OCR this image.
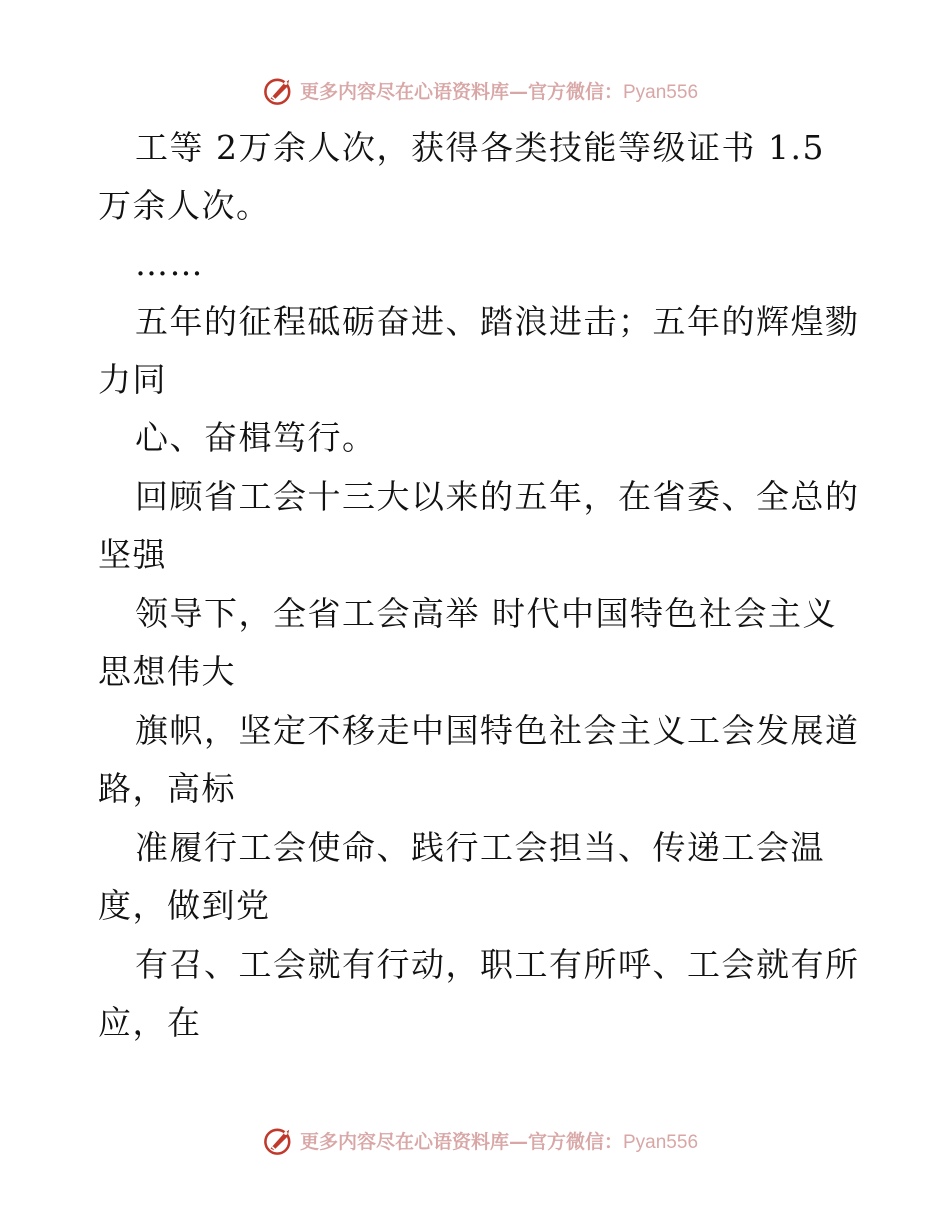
更多内容尽在心语资料库—官方微信：Pyan556
工等 2万余人次，获得各类技能等级证书 1.5
万余人次。
……
五年的征程砥砺奋进、踏浪进击；五年的辉煌勠
力同
心、奋楫笃行。
回顾省工会十三大以来的五年，在省委、全总的
坚强
领导下，全省工会高举 时代中国特色社会主义
思想伟大
旗帜，坚定不移走中国特色社会主义工会发展道
路，高标
准履行工会使命、践行工会担当、传递工会温
度，做到党
有召、工会就有行动，职工有所呼、工会就有所
应，在
更多内容尽在心语资料库—官方微信：Pyan556
